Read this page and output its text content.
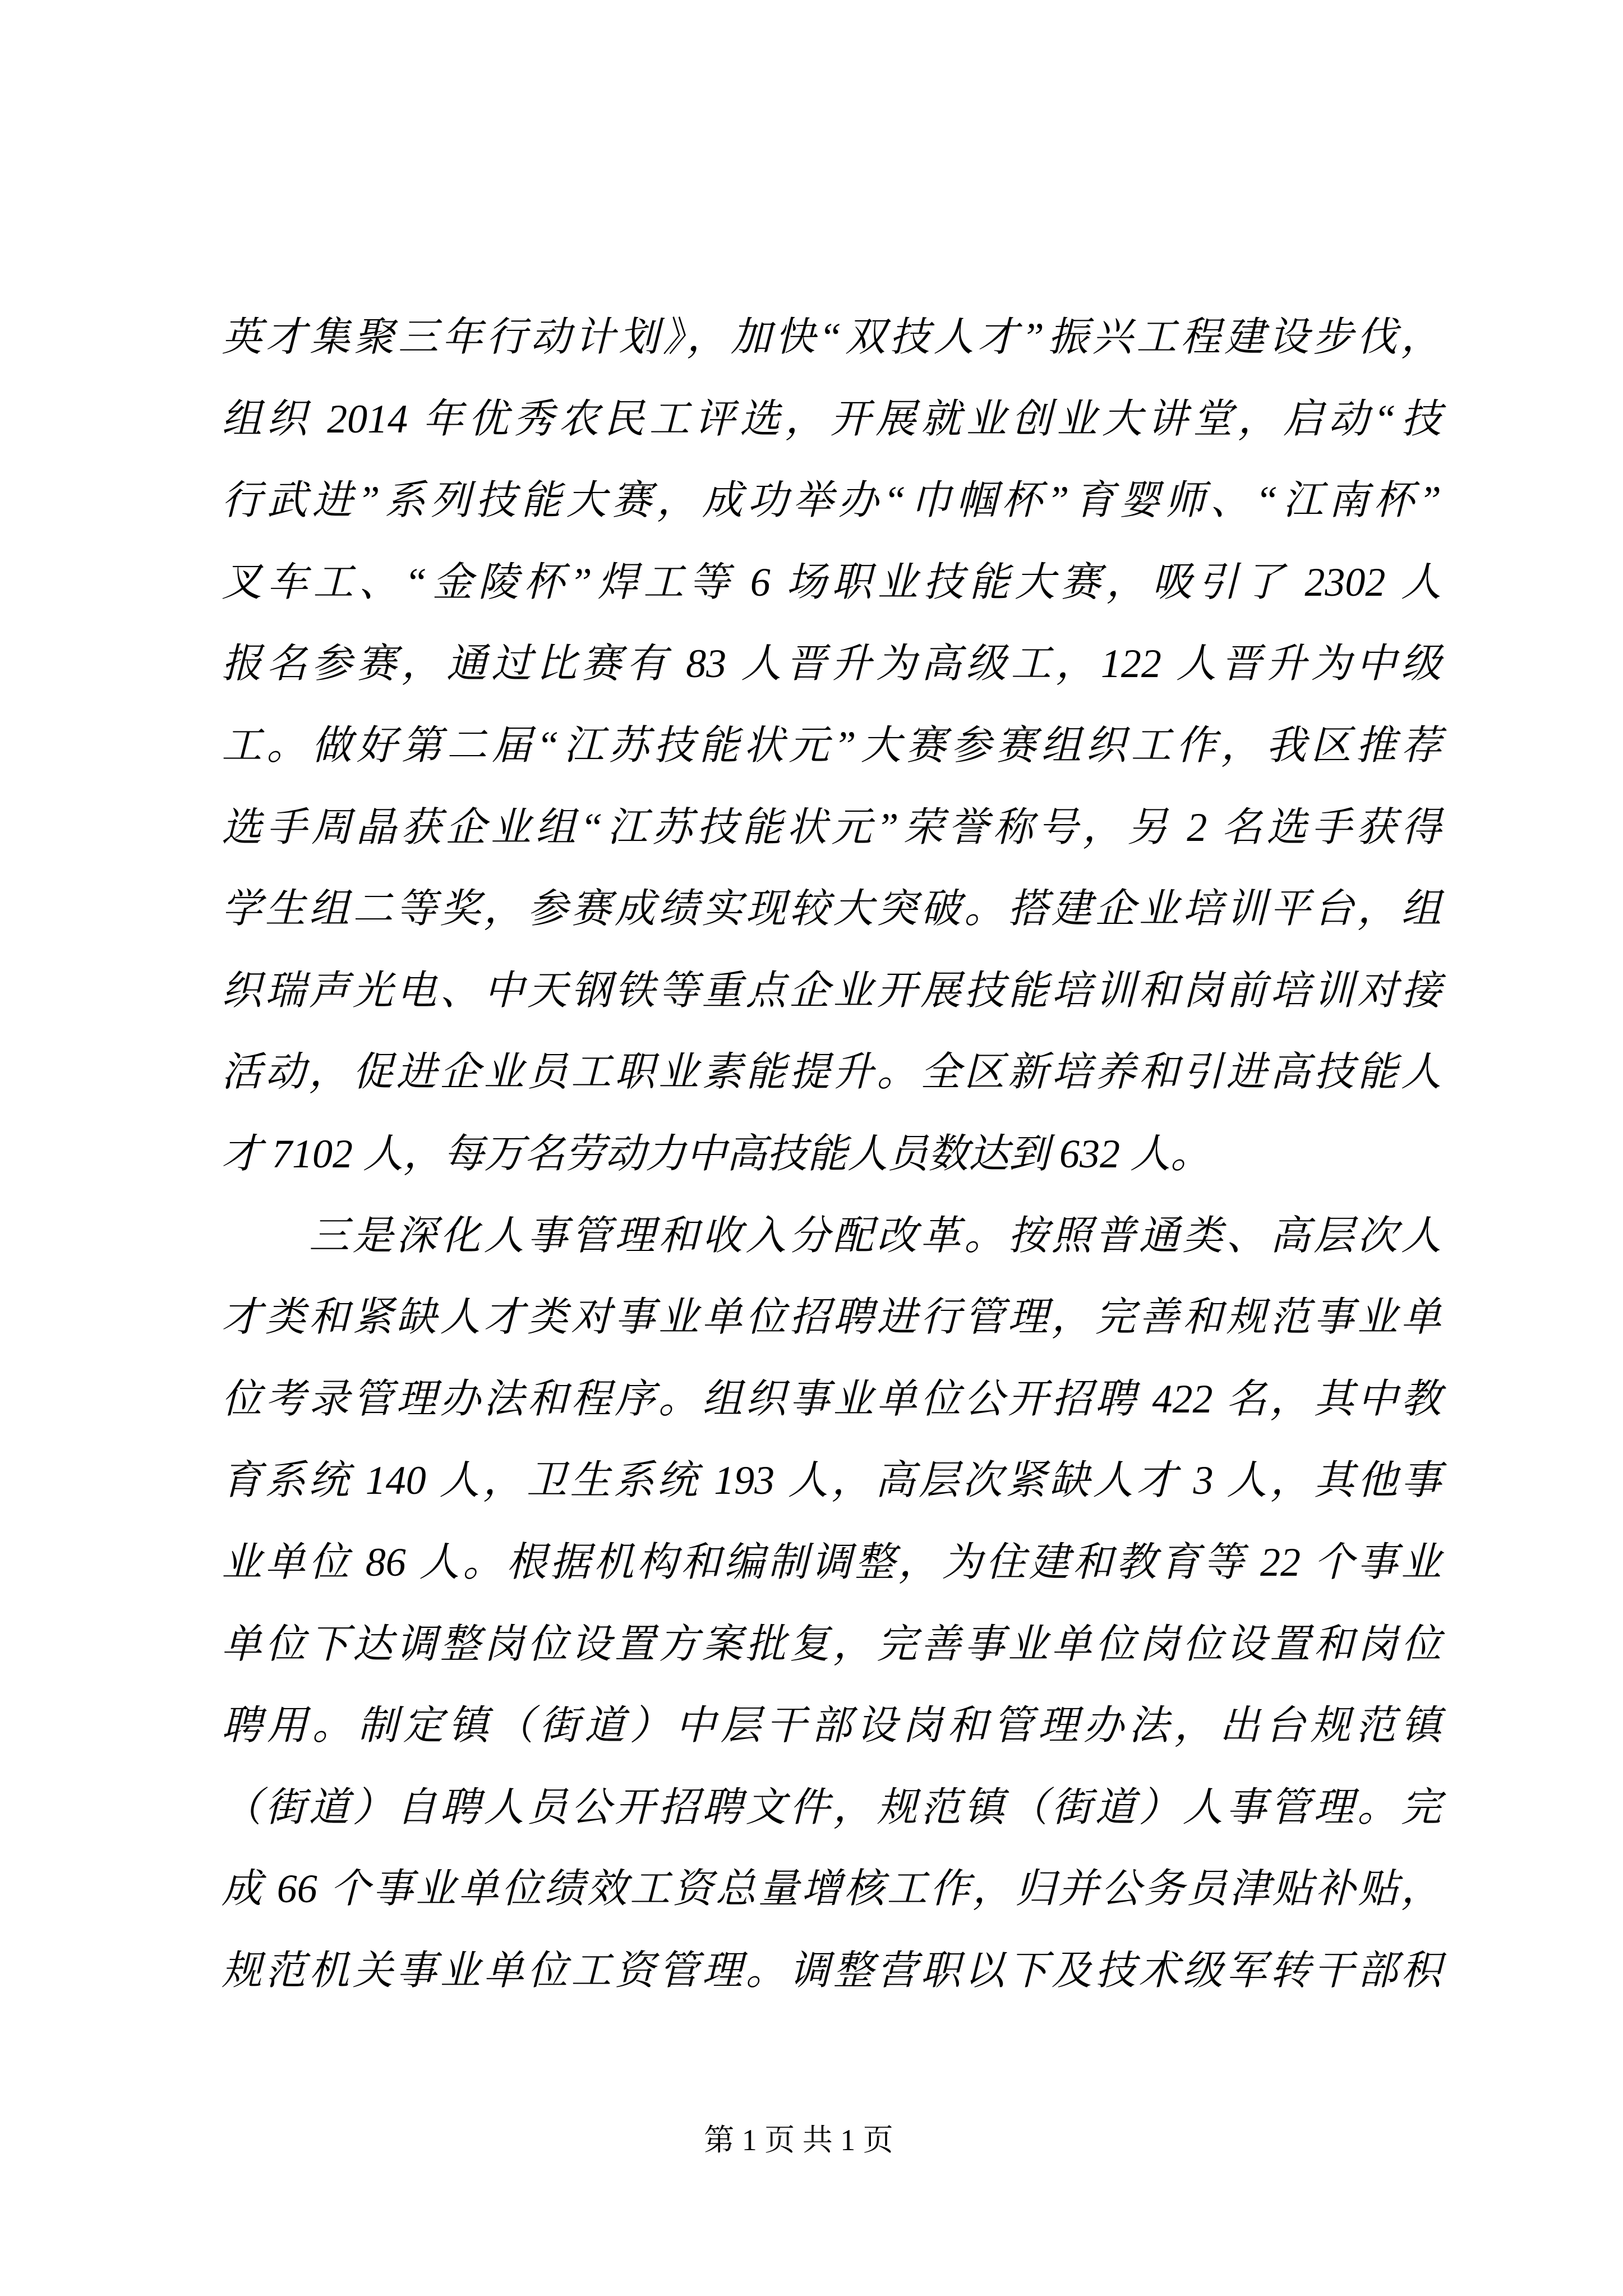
英才集聚三年行动计划》，加快“双技人才”振兴工程建设步伐，
组织 2014 年优秀农民工评选，开展就业创业大讲堂，启动“技
行武进”系列技能大赛，成功举办“巾帼杯”育婴师、“江南杯”
叉车工、“金陵杯”焊工等 6 场职业技能大赛，吸引了 2302 人
报名参赛，通过比赛有 83 人晋升为高级工，122 人晋升为中级
工。做好第二届“江苏技能状元”大赛参赛组织工作，我区推荐
选手周晶获企业组“江苏技能状元”荣誉称号，另 2 名选手获得
学生组二等奖，参赛成绩实现较大突破。搭建企业培训平台，组
织瑞声光电、中天钢铁等重点企业开展技能培训和岗前培训对接
活动，促进企业员工职业素能提升。全区新培养和引进高技能人
才 7102 人，每万名劳动力中高技能人员数达到 632 人。
　　三是深化人事管理和收入分配改革。按照普通类、高层次人
才类和紧缺人才类对事业单位招聘进行管理，完善和规范事业单
位考录管理办法和程序。组织事业单位公开招聘 422 名，其中教
育系统 140 人，卫生系统 193 人，高层次紧缺人才 3 人，其他事
业单位 86 人。根据机构和编制调整，为住建和教育等 22 个事业
单位下达调整岗位设置方案批复，完善事业单位岗位设置和岗位
聘用。制定镇（街道）中层干部设岗和管理办法，出台规范镇
（街道）自聘人员公开招聘文件，规范镇（街道）人事管理。完
成 66 个事业单位绩效工资总量增核工作，归并公务员津贴补贴，
规范机关事业单位工资管理。调整营职以下及技术级军转干部积
第 1 页 共 1 页
